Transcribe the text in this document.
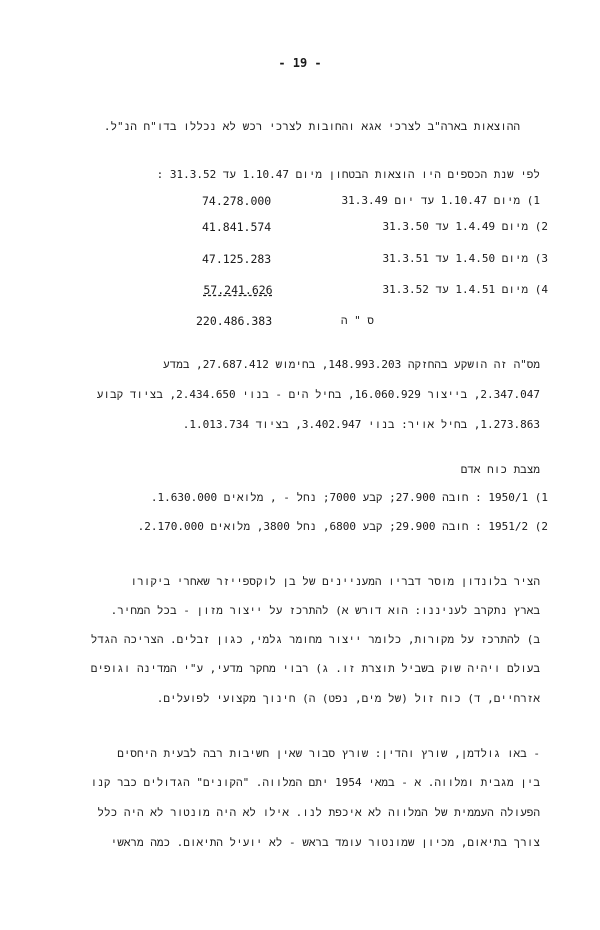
- 19 -
ההוצאות בארה"ב לצרכי אגא והחובות לצרכי רכש לא נכללו בדו"ח הנ"ל.
לפי שנת הכספים היו הוצאות הבטחון מיום 1.10.47 עד 31.3.52 :
1) מיום 1.10.47 עד יום 31.3.49
74.278.000
2) מיום 1.4.49 עד 31.3.50
41.841.574
3) מיום 1.4.50 עד 31.3.51
47.125.283
4) מיום 1.4.51 עד 31.3.52
57.241.626
ס " ה
220.486.383
מס"ה זה הושקע בהחזקה 148.993.203, בחימוש 27.687.412, במדע
2.347.047, בייצור 16.060.929, בחיל הים - בנוי 2.434.650, בציוד קבוע
1.273.863, בחיל אויר: בנוי 3.402.947, בציוד 1.013.734.
מצבת כוח אדם
1) 1950/1 : חובה 27.900; קבע 7000; נחל - , מלואים 1.630.000.
2) 1951/2 : חובה 29.900; קבע 6800, נחל 3800, מלואים 2.170.000.
הציר בלונדון מוסר דבריו המעניינים של בן לוקספייזר שאחרי ביקורו
בארץ נתקרב לעניננו: הוא דורש א) להתרכז על ייצור מזון - בכל המחיר.
ב) להתרכז על מקורות, כלומר ייצור מחומר גלמי, כגון זבלים. הצריכה הגדל
בעולם ויהיה שוק בשביל תוצרת זו. ג) רבוי מחקר מדעי, ע"י המדינה וגופים
אזרחיים, ד) כוח זול (של מים, נפט) ה) חינוך מקצועי לפועלים.
- באו גולדמן, שורץ והדין: שורץ סבור שאין חשיבות רבה לבעית היחסים
בין מגבית ומלווה. א - במאי 1954 יתם המלווה. "הקונים" הגדולים כבר קנו
הפעולה העממית של המלווה לא איכפת לנו. אילו לא היה מונטור לא היה כלל
צורך בתיאום, מכיון שמונטור עומד בראש - לא יועיל התיאום. כמה מראשי
